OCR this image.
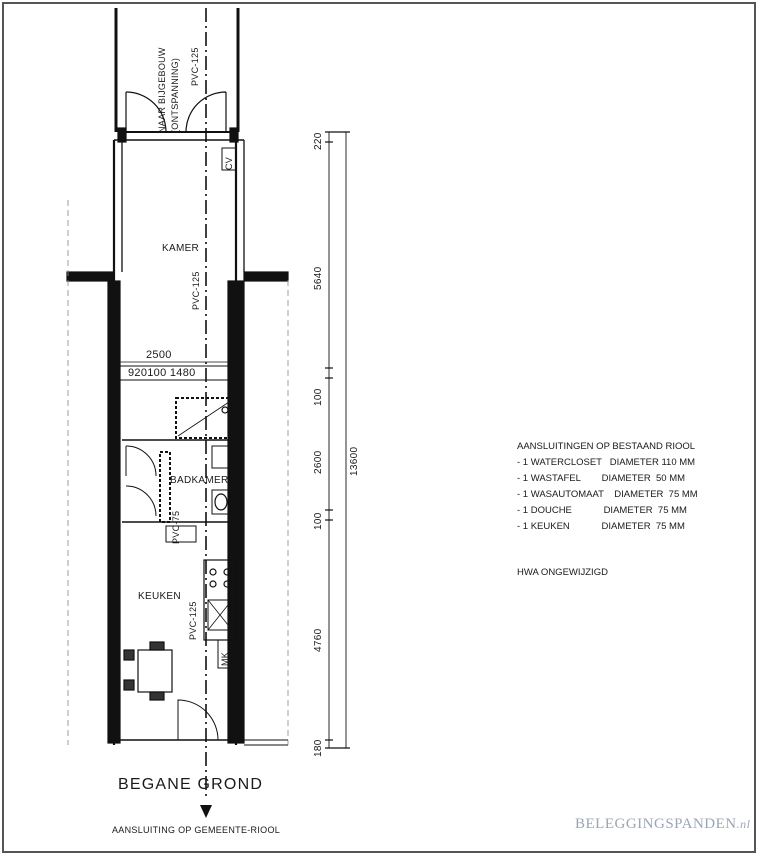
NAAR BIJGEBOUW (ONTSPANNING) PVC-125
PVC-125
PVC-75
PVC-125
CV
MK
KAMER
BADKAMER
KEUKEN
2500
920100 1480
220
5640
100
2600
100
4760
180
13600
AANSLUITINGEN OP BESTAAND RIOOL
- 1 WATERCLOSET   DIAMETER 110 MM
- 1 WASTAFEL        DIAMETER  50 MM
- 1 WASAUTOMAAT    DIAMETER  75 MM
- 1 DOUCHE            DIAMETER  75 MM
- 1 KEUKEN            DIAMETER  75 MM
HWA ONGEWIJZIGD
BEGANE GROND
AANSLUITING OP GEMEENTE-RIOOL	BELEGGINGSPANDEN.nl
